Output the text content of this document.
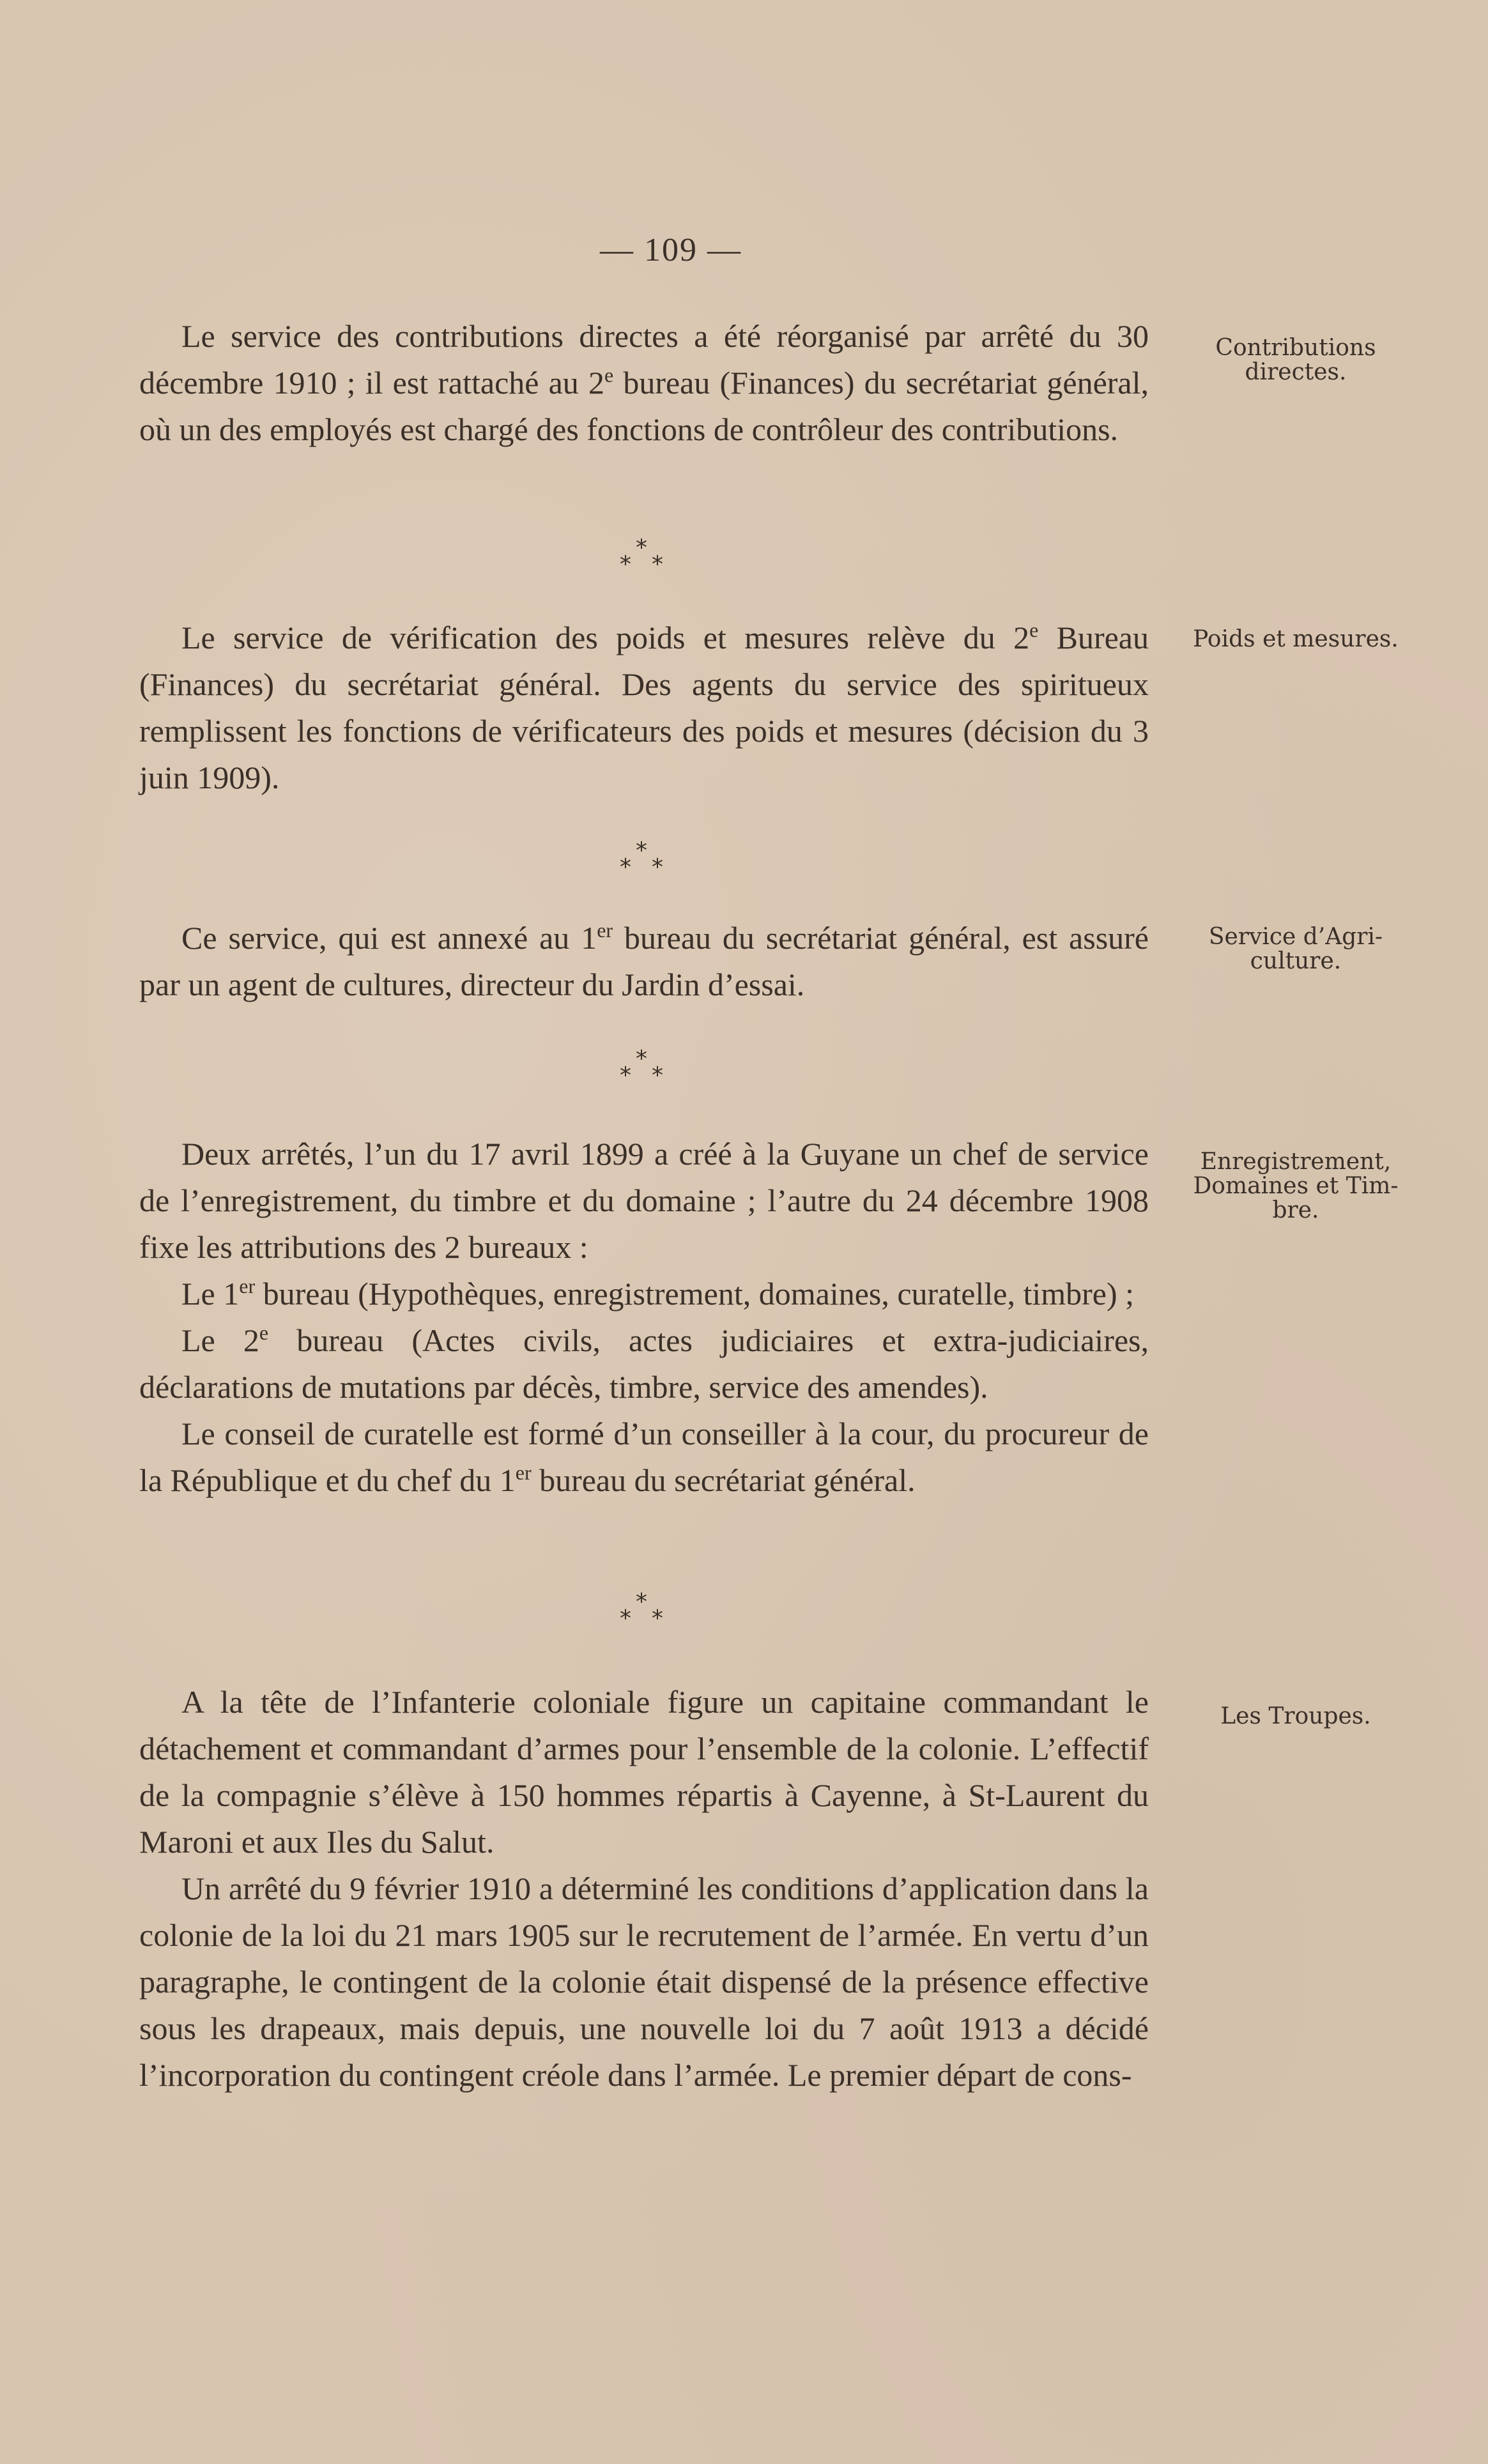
— 109 —

Le service des contributions directes a été réorganisé par arrêté du 30 décembre 1910 ; il est rattaché au 2e bureau (Finances) du secrétariat général, où un des employés est chargé des fonctions de contrôleur des contributions.

Contributions
directes.
*
* *

Le service de vérification des poids et mesures relève du 2e Bureau (Finances) du secrétariat général. Des agents du service des spiritueux remplissent les fonctions de vérificateurs des poids et mesures (décision du 3 juin 1909).

Poids et mesures.
*
* *

Ce service, qui est annexé au 1er bureau du secrétariat général, est assuré par un agent de cultures, directeur du Jardin d’essai.

Service d’Agri-
culture.
*
* *

Deux arrêtés, l’un du 17 avril 1899 a créé à la Guyane un chef de service de l’enregistrement, du timbre et du domaine ; l’autre du 24 décembre 1908 fixe les attributions des 2 bureaux :

Le 1er bureau (Hypothèques, enregistrement, domaines, curatelle, timbre) ;

Le 2e bureau (Actes civils, actes judiciaires et extra-judiciaires, déclarations de mutations par décès, timbre, service des amendes).

Le conseil de curatelle est formé d’un conseiller à la cour, du procureur de la République et du chef du 1er bureau du secrétariat général.

Enregistrement,
Domaines et Tim-
bre.
*
* *

A la tête de l’Infanterie coloniale figure un capitaine commandant le détachement et commandant d’armes pour l’ensemble de la colonie. L’effectif de la compagnie s’élève à 150 hommes répartis à Cayenne, à St-Laurent du Maroni et aux Iles du Salut.

Un arrêté du 9 février 1910 a déterminé les conditions d’application dans la colonie de la loi du 21 mars 1905 sur le recrutement de l’armée. En vertu d’un paragraphe, le contingent de la colonie était dispensé de la présence effective sous les drapeaux, mais depuis, une nouvelle loi du 7 août 1913 a décidé l’incorporation du contingent créole dans l’armée. Le premier départ de cons-

Les Troupes.
